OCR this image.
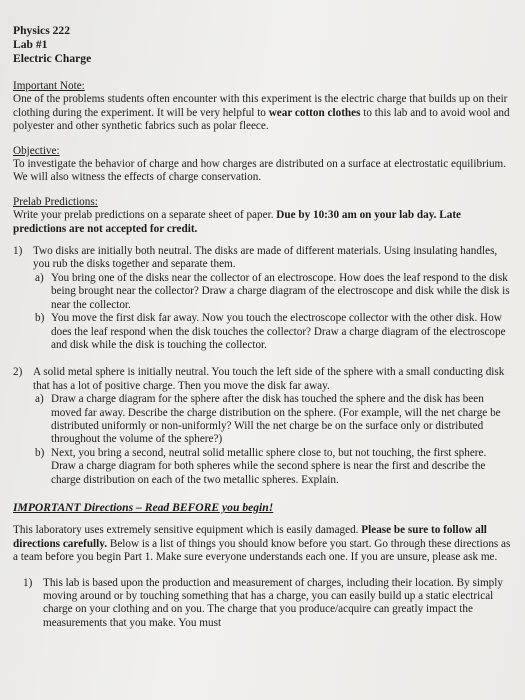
Physics 222
Lab #1
Electric Charge
Important Note:

One of the problems students often encounter with this experiment is the electric charge that builds up on their clothing during the experiment. It will be very helpful to wear cotton clothes to this lab and to avoid wool and polyester and other synthetic fabrics such as polar fleece.

Objective:

To investigate the behavior of charge and how charges are distributed on a surface at electrostatic equilibrium. We will also witness the effects of charge conservation.

Prelab Predictions:

Write your prelab predictions on a separate sheet of paper. Due by 10:30 am on your lab day. Late predictions are not accepted for credit.

1) Two disks are initially both neutral. The disks are made of different materials. Using insulating handles, you rub the disks together and separate them.
a) You bring one of the disks near the collector of an electroscope. How does the leaf respond to the disk being brought near the collector? Draw a charge diagram of the electroscope and disk while the disk is near the collector.
b) You move the first disk far away. Now you touch the electroscope collector with the other disk. How does the leaf respond when the disk touches the collector? Draw a charge diagram of the electroscope and disk while the disk is touching the collector.
2) A solid metal sphere is initially neutral. You touch the left side of the sphere with a small conducting disk that has a lot of positive charge. Then you move the disk far away.
a) Draw a charge diagram for the sphere after the disk has touched the sphere and the disk has been moved far away. Describe the charge distribution on the sphere. (For example, will the net charge be distributed uniformly or non-uniformly? Will the net charge be on the surface only or distributed throughout the volume of the sphere?)
b) Next, you bring a second, neutral solid metallic sphere close to, but not touching, the first sphere. Draw a charge diagram for both spheres while the second sphere is near the first and describe the charge distribution on each of the two metallic spheres. Explain.
IMPORTANT Directions – Read BEFORE you begin!

This laboratory uses extremely sensitive equipment which is easily damaged. Please be sure to follow all directions carefully. Below is a list of things you should know before you start. Go through these directions as a team before you begin Part 1. Make sure everyone understands each one. If you are unsure, please ask me.

1) This lab is based upon the production and measurement of charges, including their location. By simply moving around or by touching something that has a charge, you can easily build up a static electrical charge on your clothing and on you. The charge that you produce/acquire can greatly impact the measurements that you make. You must
